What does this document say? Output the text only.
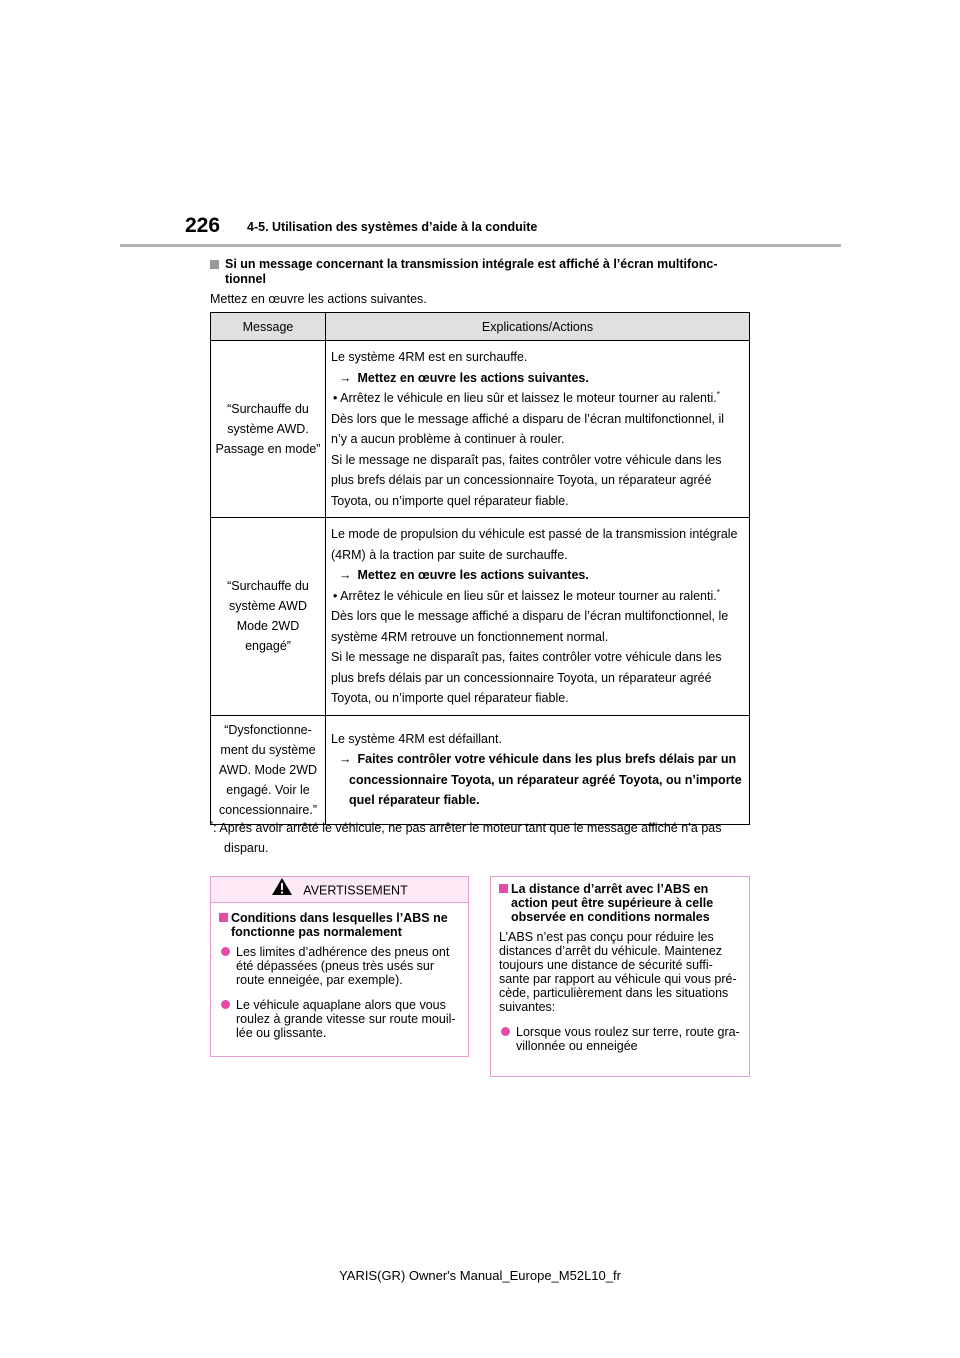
226 4-5. Utilisation des systèmes d’aide à la conduite
Si un message concernant la transmission intégrale est affiché à l’écran multifonc-tionnel
Mettez en œuvre les actions suivantes.
Message	Explications/Actions
“Surchauffe du système AWD. Passage en mode”	Le système 4RM est en surchauffe.

→ Mettez en œuvre les actions suivantes.

• Arrêtez le véhicule en lieu sûr et laissez le moteur tourner au ralenti.*

Dès lors que le message affiché a disparu de l’écran multifonctionnel, il n’y a aucun problème à continuer à rouler.

Si le message ne disparaît pas, faites contrôler votre véhicule dans les plus brefs délais par un concessionnaire Toyota, un réparateur agréé Toyota, ou n’importe quel réparateur fiable.

“Surchauffe du système AWD Mode 2WD engagé”	Le mode de propulsion du véhicule est passé de la transmission intégrale (4RM) à la traction par suite de surchauffe.

→ Mettez en œuvre les actions suivantes.

• Arrêtez le véhicule en lieu sûr et laissez le moteur tourner au ralenti.*

Dès lors que le message affiché a disparu de l’écran multifonctionnel, le système 4RM retrouve un fonctionnement normal.

Si le message ne disparaît pas, faites contrôler votre véhicule dans les plus brefs délais par un concessionnaire Toyota, un réparateur agréé Toyota, ou n’importe quel réparateur fiable.

“Dysfonctionne-ment du système AWD. Mode 2WD engagé. Voir le concessionnaire.”	Le système 4RM est défaillant.

→ Faites contrôler votre véhicule dans les plus brefs délais par un concessionnaire Toyota, un réparateur agréé Toyota, ou n’importe quel réparateur fiable.

*: Après avoir arrêté le véhicule, ne pas arrêter le moteur tant que le message affiché n’a pas
disparu.
AVERTISSEMENT
Conditions dans lesquelles l’ABS ne fonctionne pas normalement
Les limites d’adhérence des pneus ont été dépassées (pneus très usés sur route enneigée, par exemple).
Le véhicule aquaplane alors que vous roulez à grande vitesse sur route mouil-lée ou glissante.
La distance d’arrêt avec l’ABS en action peut être supérieure à celle observée en conditions normales
L’ABS n’est pas conçu pour réduire les distances d’arrêt du véhicule. Maintenez toujours une distance de sécurité suffi-sante par rapport au véhicule qui vous pré-cède, particulièrement dans les situations suivantes:
Lorsque vous roulez sur terre, route gra-villonnée ou enneigée
YARIS(GR) Owner's Manual_Europe_M52L10_fr
